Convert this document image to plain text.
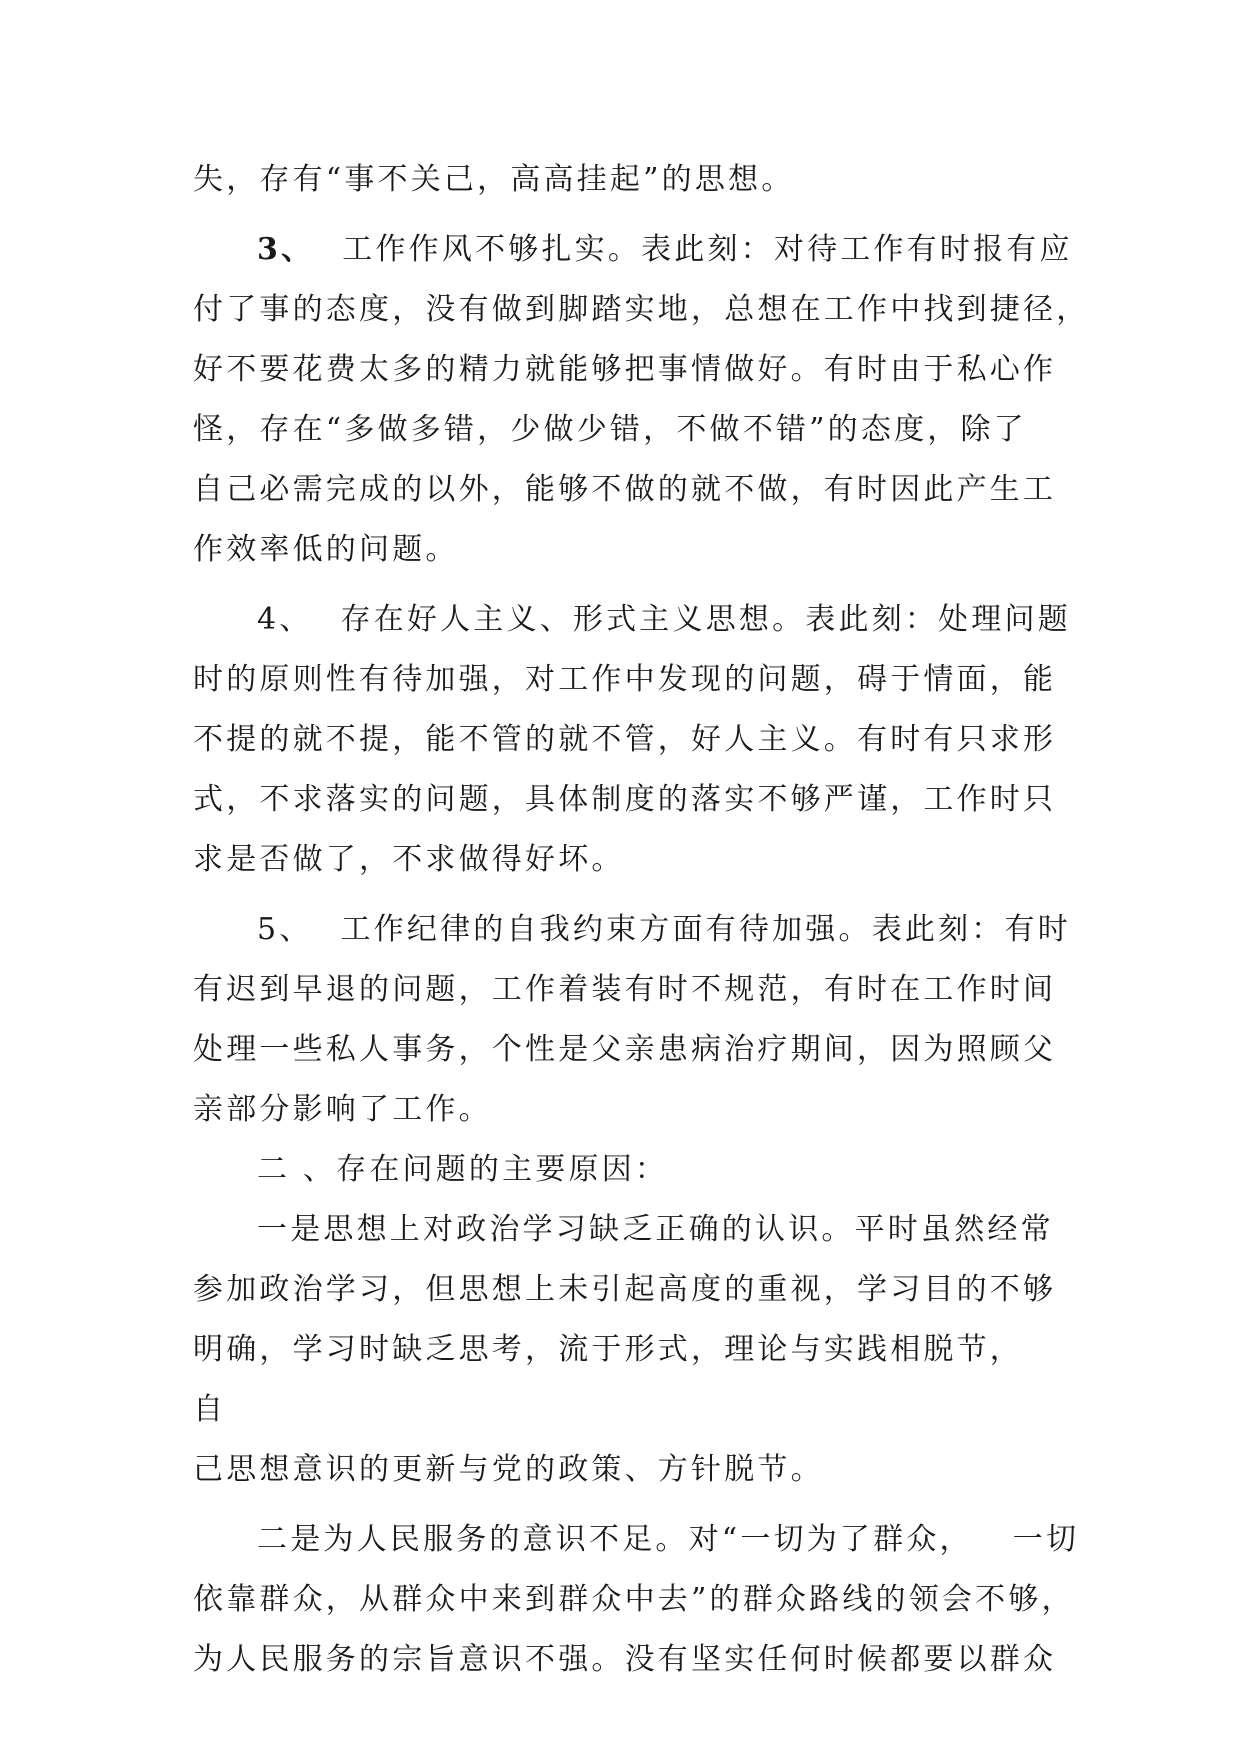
失，存有“事不关己，高高挂起”的思想。
3、 工作作风不够扎实。表此刻：对待工作有时报有应
付了事的态度，没有做到脚踏实地，总想在工作中找到捷径，
好不要花费太多的精力就能够把事情做好。有时由于私心作
怪，存在“多做多错，少做少错，不做不错”的态度，除了
自己必需完成的以外，能够不做的就不做，有时因此产生工
作效率低的问题。
4、 存在好人主义、形式主义思想。表此刻：处理问题
时的原则性有待加强，对工作中发现的问题，碍于情面，能
不提的就不提，能不管的就不管，好人主义。有时有只求形
式，不求落实的问题，具体制度的落实不够严谨，工作时只
求是否做了，不求做得好坏。
5、 工作纪律的自我约束方面有待加强。表此刻：有时
有迟到早退的问题，工作着装有时不规范，有时在工作时间
处理一些私人事务，个性是父亲患病治疗期间，因为照顾父
亲部分影响了工作。
二 、存在问题的主要原因：
一是思想上对政治学习缺乏正确的认识。平时虽然经常
参加政治学习，但思想上未引起高度的重视，学习目的不够
明确，学习时缺乏思考，流于形式，理论与实践相脱节，
自
己思想意识的更新与党的政策、方针脱节。
二是为人民服务的意识不足。对“一切为了群众， 一切
依靠群众，从群众中来到群众中去”的群众路线的领会不够，
为人民服务的宗旨意识不强。没有坚实任何时候都要以群众
